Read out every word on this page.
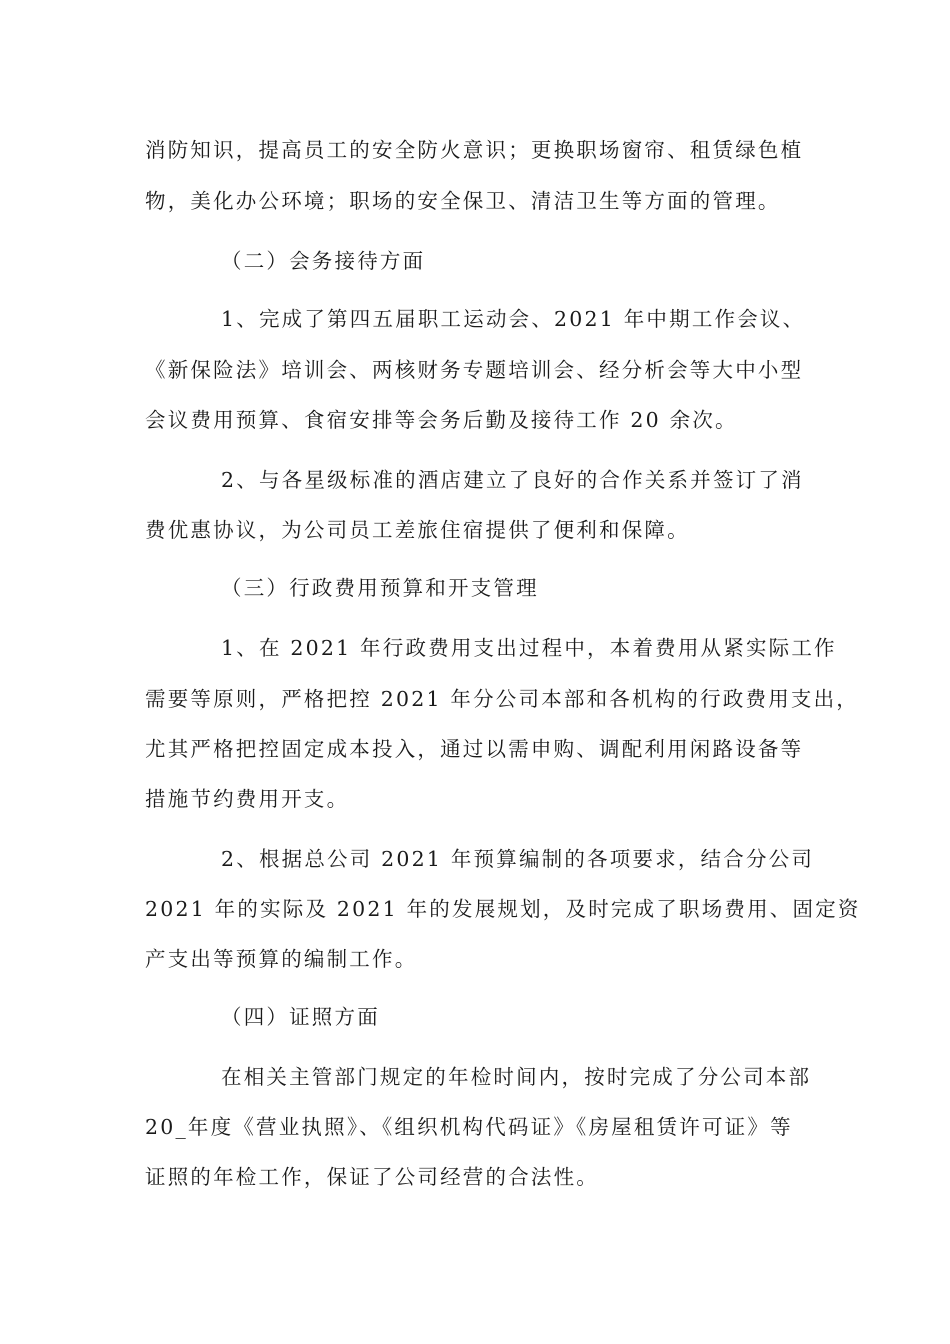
消防知识，提高员工的安全防火意识；更换职场窗帘、租赁绿色植
物，美化办公环境；职场的安全保卫、清洁卫生等方面的管理。
（二）会务接待方面
1、完成了第四五届职工运动会、2021 年中期工作会议、
《新保险法》培训会、两核财务专题培训会、经分析会等大中小型
会议费用预算、食宿安排等会务后勤及接待工作 20 余次。
2、与各星级标准的酒店建立了良好的合作关系并签订了消
费优惠协议，为公司员工差旅住宿提供了便利和保障。
（三）行政费用预算和开支管理
1、在 2021 年行政费用支出过程中，本着费用从紧实际工作
需要等原则，严格把控 2021 年分公司本部和各机构的行政费用支出，
尤其严格把控固定成本投入，通过以需申购、调配利用闲路设备等
措施节约费用开支。
2、根据总公司 2021 年预算编制的各项要求，结合分公司
2021 年的实际及 2021 年的发展规划，及时完成了职场费用、固定资
产支出等预算的编制工作。
（四）证照方面
在相关主管部门规定的年检时间内，按时完成了分公司本部
20_年度《营业执照》、《组织机构代码证》《房屋租赁许可证》等
证照的年检工作，保证了公司经营的合法性。
